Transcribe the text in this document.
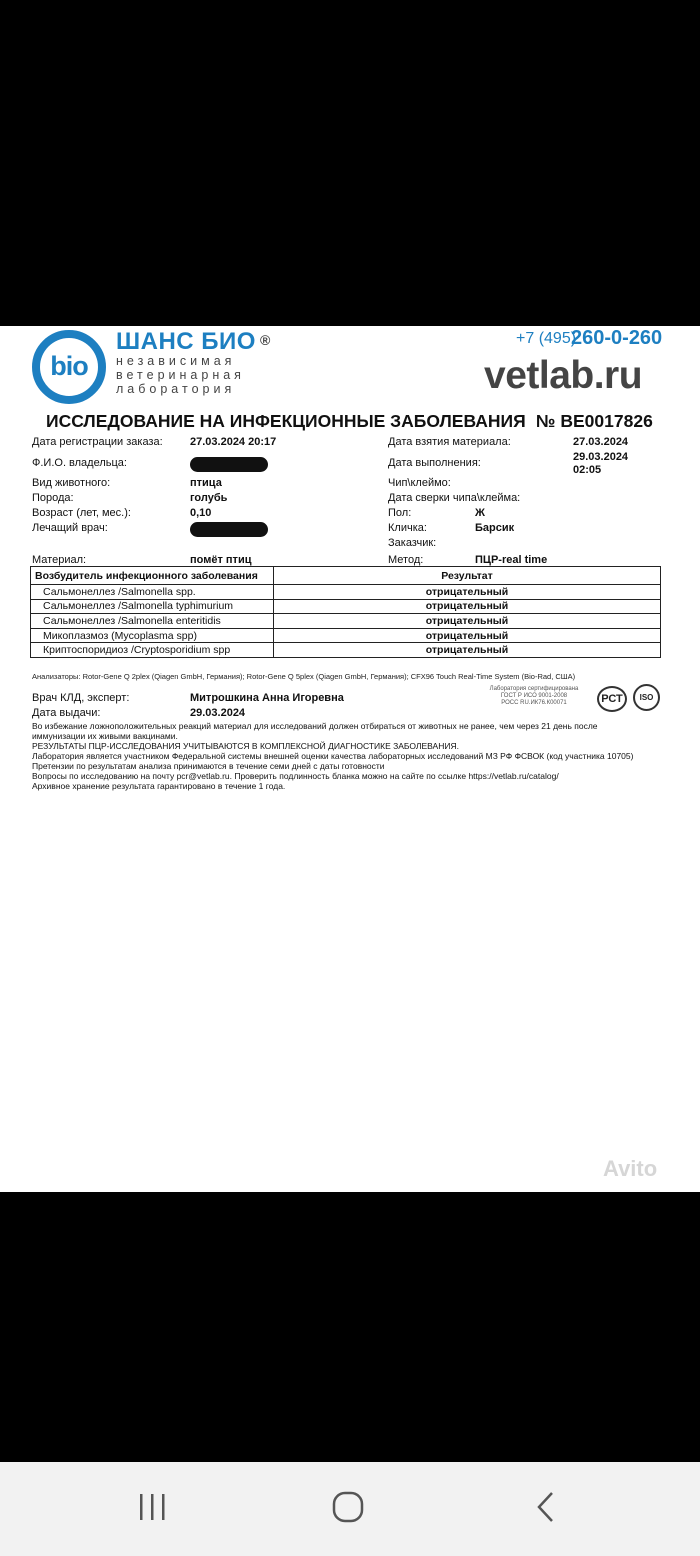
bio
ШАНС БИО ®
независимая
ветеринарная
лаборатория
+7 (495)
260-0-260
vetlab.ru
ИССЛЕДОВАНИЕ НА ИНФЕКЦИОННЫЕ ЗАБОЛЕВАНИЯ № ВЕ0017826
Дата регистрации заказа: 27.03.2024 20:17
Ф.И.О. владельца:
Вид животного:	птица
Порода:	голубь
Возраст (лет, мес.):	0,10
Лечащий врач:
Материал:	помёт птиц
Дата взятия материала:	27.03.2024
Дата выполнения:	29.03.2024
02:05
Чип\клеймо:
Дата сверки чипа\клейма:
Пол:	Ж
Кличка:	Барсик
Заказчик:
Метод:	ПЦР-real time
Возбудитель инфекционного заболевания	Результат
Сальмонеллез /Salmonella spp.	отрицательный
Сальмонеллез /Salmonella typhimurium	отрицательный
Сальмонеллез /Salmonella enteritidis	отрицательный
Микоплазмоз (Mycoplasma spp)	отрицательный
Криптоспоридиоз /Cryptosporidium spp	отрицательный
Анализаторы: Rotor-Gene Q 2plex (Qiagen GmbH, Германия); Rotor-Gene Q 5plex (Qiagen GmbH, Германия); CFX96 Touch Real-Time System (Bio-Rad, США)
Врач КЛД, эксперт:	Митрошкина Анна Игоревна
Дата выдачи:	29.03.2024
Лаборатория сертифицирована
ГОСТ Р ИСО 9001-2008
РОСС RU.ИК76.К00071	РСТ	ISO
Во избежание ложноположительных реакций материал для исследований должен отбираться от животных не ранее, чем через 21 день после
иммунизации их живыми вакцинами.
РЕЗУЛЬТАТЫ ПЦР-ИССЛЕДОВАНИЯ УЧИТЫВАЮТСЯ В КОМПЛЕКСНОЙ ДИАГНОСТИКЕ ЗАБОЛЕВАНИЯ.
Лаборатория является участником Федеральной системы внешней оценки качества лабораторных исследований МЗ РФ ФСВОК (код участника 10705)
Претензии по результатам анализа принимаются в течение семи дней с даты готовности
Вопросы по исследованию на почту pcr@vetlab.ru. Проверить подлинность бланка можно на сайте по ссылке https://vetlab.ru/catalog/
Архивное хранение результата гарантировано в течение 1 года.
Avito
